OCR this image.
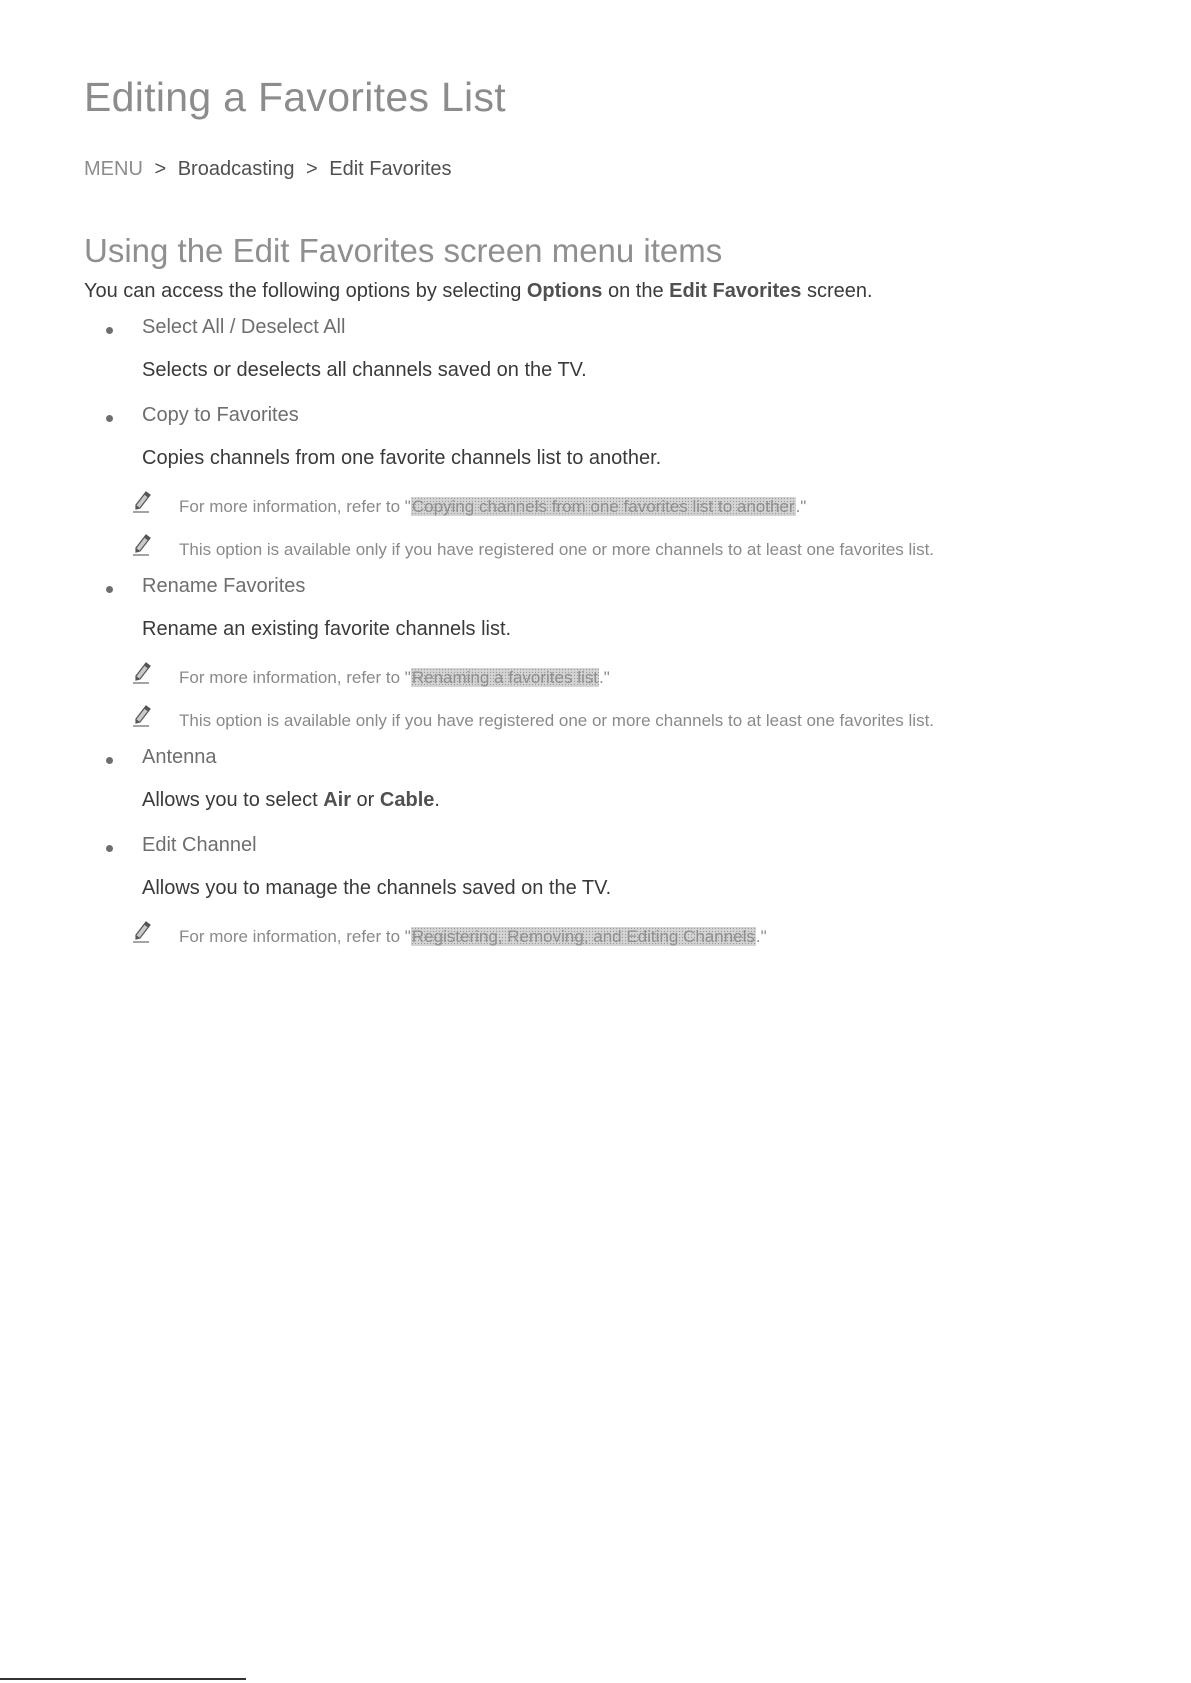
Editing a Favorites List
MENU > Broadcasting > Edit Favorites
Using the Edit Favorites screen menu items
You can access the following options by selecting Options on the Edit Favorites screen.
Select All / Deselect All
Selects or deselects all channels saved on the TV.
Copy to Favorites
Copies channels from one favorite channels list to another.
For more information, refer to "Copying channels from one favorites list to another."
This option is available only if you have registered one or more channels to at least one favorites list.
Rename Favorites
Rename an existing favorite channels list.
For more information, refer to "Renaming a favorites list."
This option is available only if you have registered one or more channels to at least one favorites list.
Antenna
Allows you to select Air or Cable.
Edit Channel
Allows you to manage the channels saved on the TV.
For more information, refer to "Registering, Removing, and Editing Channels."
